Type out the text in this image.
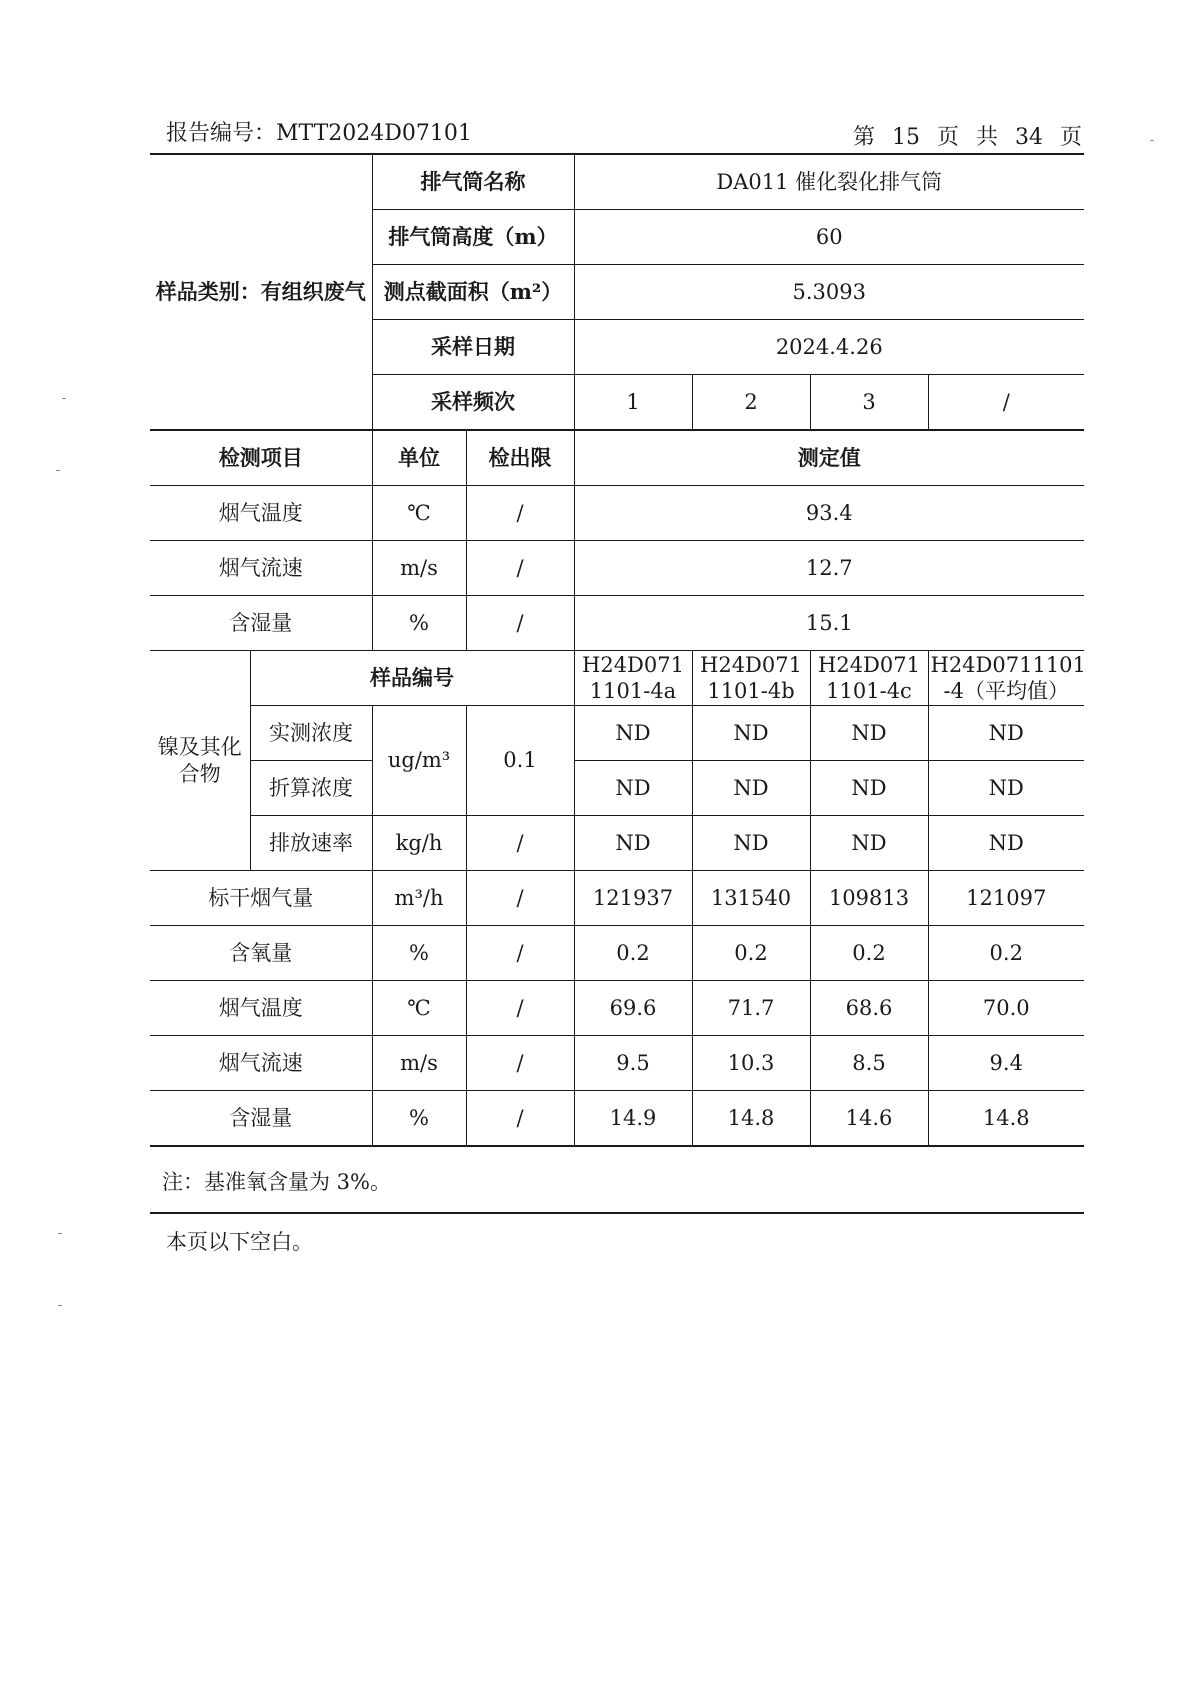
报告编号：MTT2024D07101	第 15 页 共 34 页
样品类别：有组织废气		排气筒名称		DA011 催化裂化排气筒			
		排气筒高度（m）		60			
		测点截面积（m²）		5.3093			
		采样日期		2024.4.26			
		采样频次		1	2	3	/
检测项目		单位	检出限	测定值			
烟气温度		℃	/	93.4			
烟气流速		m/s	/	12.7			
含湿量		%	/	15.1			
镍及其化合物	样品编号			H24D071 1101-4a	H24D071 1101-4b	H24D071 1101-4c	H24D0711101 -4（平均值）
	实测浓度	ug/m³	0.1	ND	ND	ND	ND
	折算浓度			ND	ND	ND	ND
	排放速率	kg/h	/	ND	ND	ND	ND
标干烟气量		m³/h	/	121937	131540	109813	121097
含氧量		%	/	0.2	0.2	0.2	0.2
烟气温度		℃	/	69.6	71.7	68.6	70.0
烟气流速		m/s	/	9.5	10.3	8.5	9.4
含湿量		%	/	14.9	14.8	14.6	14.8
注：基准氧含量为 3%。
本页以下空白。
